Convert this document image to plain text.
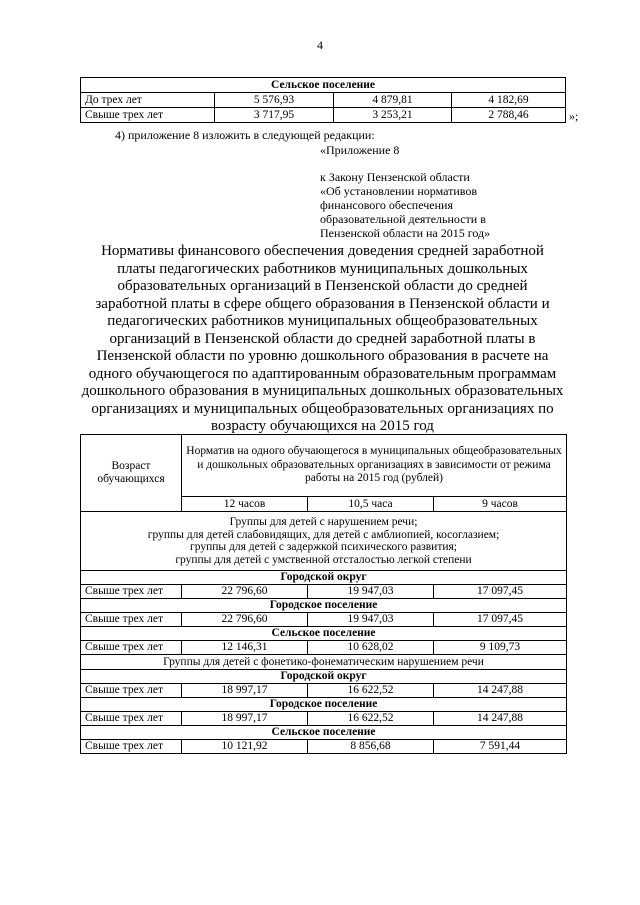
4
Сельское поселение			
До трех лет	5 576,93	4 879,81	4 182,69
Свыше трех лет	3 717,95	3 253,21	2 788,46	»;
4) приложение 8 изложить в следующей редакции:
«Приложение 8
к Закону Пензенской области
«Об установлении нормативов
финансового обеспечения
образовательной деятельности в
Пензенской области на 2015 год»
Нормативы финансового обеспечения доведения средней заработной
платы педагогических работников муниципальных дошкольных
образовательных организаций в Пензенской области до средней
заработной платы в сфере общего образования в Пензенской области и
педагогических работников муниципальных общеобразовательных
организаций в Пензенской области до средней заработной платы в
Пензенской области по уровню дошкольного образования в расчете на
одного обучающегося по адаптированным образовательным программам
дошкольного образования в муниципальных дошкольных образовательных
организациях и муниципальных общеобразовательных организациях по
возрасту обучающихся на 2015 год
Возраст обучающихся	Норматив на одного обучающегося в муниципальных общеобразовательных и дошкольных образовательных организациях в зависимости от режима работы на 2015 год (рублей)		
	12 часов	10,5 часа	9 часов

Группы для детей с нарушением речи;
группы для детей слабовидящих, для детей с амблиопией, косоглазием;
группы для детей с задержкой психического развития;
группы для детей с умственной отсталостью легкой степени			

Городской округ			
Свыше трех лет	22 796,60	19 947,03	17 097,45
Городское поселение			
Свыше трех лет	22 796,60	19 947,03	17 097,45
Сельское поселение			
Свыше трех лет	12 146,31	10 628,02	9 109,73
Группы для детей с фонетико-фонематическим нарушением речи			
Городской округ			
Свыше трех лет	18 997,17	16 622,52	14 247,88
Городское поселение			
Свыше трех лет	18 997,17	16 622,52	14 247,88
Сельское поселение			
Свыше трех лет	10 121,92	8 856,68	7 591,44
